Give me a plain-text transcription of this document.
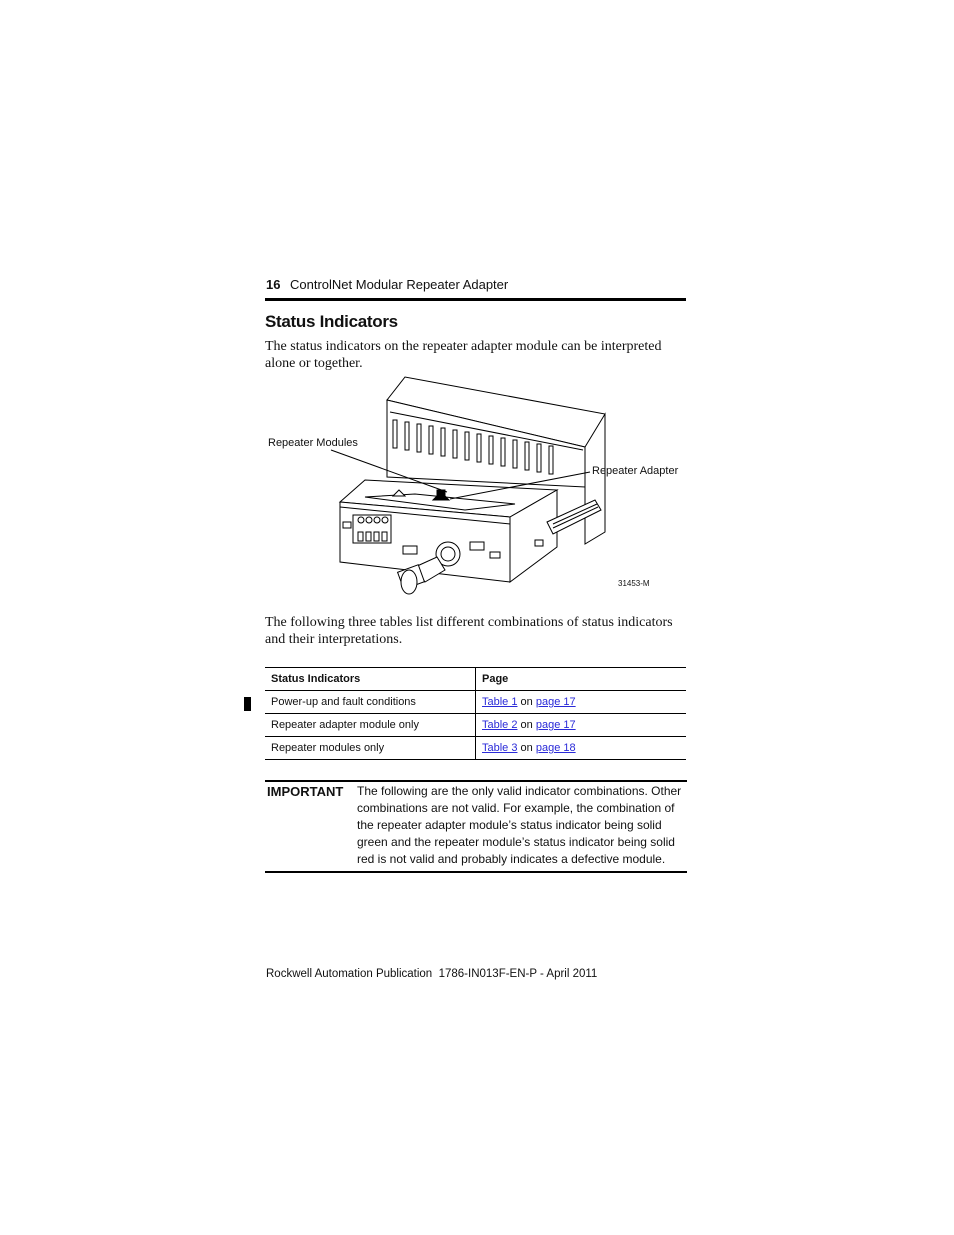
16 ControlNet Modular Repeater Adapter
Status Indicators
The status indicators on the repeater adapter module can be interpreted alone or together.
Repeater Modules
Repeater Adapter
31453-M
The following three tables list different combinations of status indicators and their interpretations.
Status Indicators	Page
Power-up and fault conditions	Table 1 on page 17
Repeater adapter module only	Table 2 on page 17
Repeater modules only	Table 3 on page 18
IMPORTANT The following are the only valid indicator combinations. Other combinations are not valid. For example, the combination of the repeater adapter module’s status indicator being solid green and the repeater module’s status indicator being solid red is not valid and probably indicates a defective module.
Rockwell Automation Publication  1786-IN013F-EN-P - April 2011
